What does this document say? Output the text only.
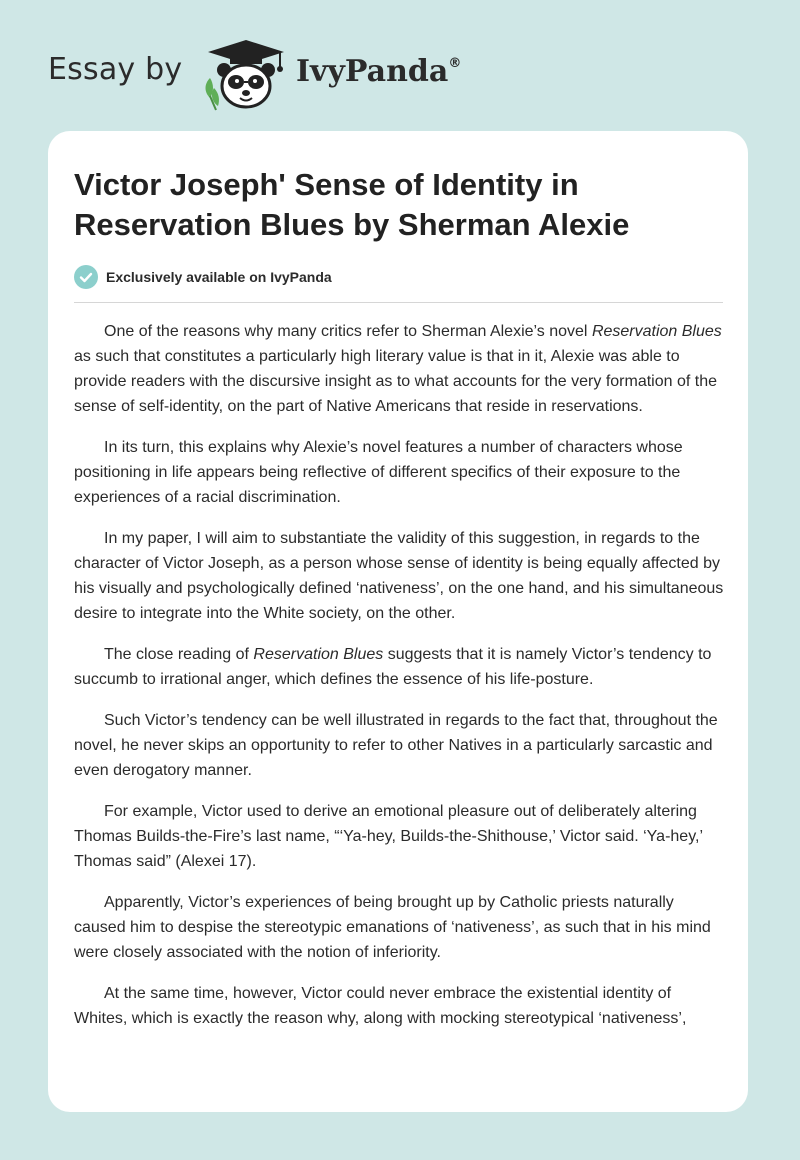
Essay by	IvyPanda®
Victor Joseph' Sense of Identity in Reservation Blues by Sherman Alexie
Exclusively available on IvyPanda

One of the reasons why many critics refer to Sherman Alexie’s novel Reservation Blues as such that constitutes a particularly high literary value is that in it, Alexie was able to provide readers with the discursive insight as to what accounts for the very formation of the sense of self-identity, on the part of Native Americans that reside in reservations.

In its turn, this explains why Alexie’s novel features a number of characters whose positioning in life appears being reflective of different specifics of their exposure to the experiences of a racial discrimination.

In my paper, I will aim to substantiate the validity of this suggestion, in regards to the character of Victor Joseph, as a person whose sense of identity is being equally affected by his visually and psychologically defined ‘nativeness’, on the one hand, and his simultaneous desire to integrate into the White society, on the other.

The close reading of Reservation Blues suggests that it is namely Victor’s tendency to succumb to irrational anger, which defines the essence of his life-posture.

Such Victor’s tendency can be well illustrated in regards to the fact that, throughout the novel, he never skips an opportunity to refer to other Natives in a particularly sarcastic and even derogatory manner.

For example, Victor used to derive an emotional pleasure out of deliberately altering Thomas Builds-the-Fire’s last name, “‘Ya-hey, Builds-the-Shithouse,’ Victor said. ‘Ya-hey,’ Thomas said” (Alexei 17).

Apparently, Victor’s experiences of being brought up by Catholic priests naturally caused him to despise the stereotypic emanations of ‘nativeness’, as such that in his mind were closely associated with the notion of inferiority.

At the same time, however, Victor could never embrace the existential identity of Whites, which is exactly the reason why, along with mocking stereotypical ‘nativeness’,
